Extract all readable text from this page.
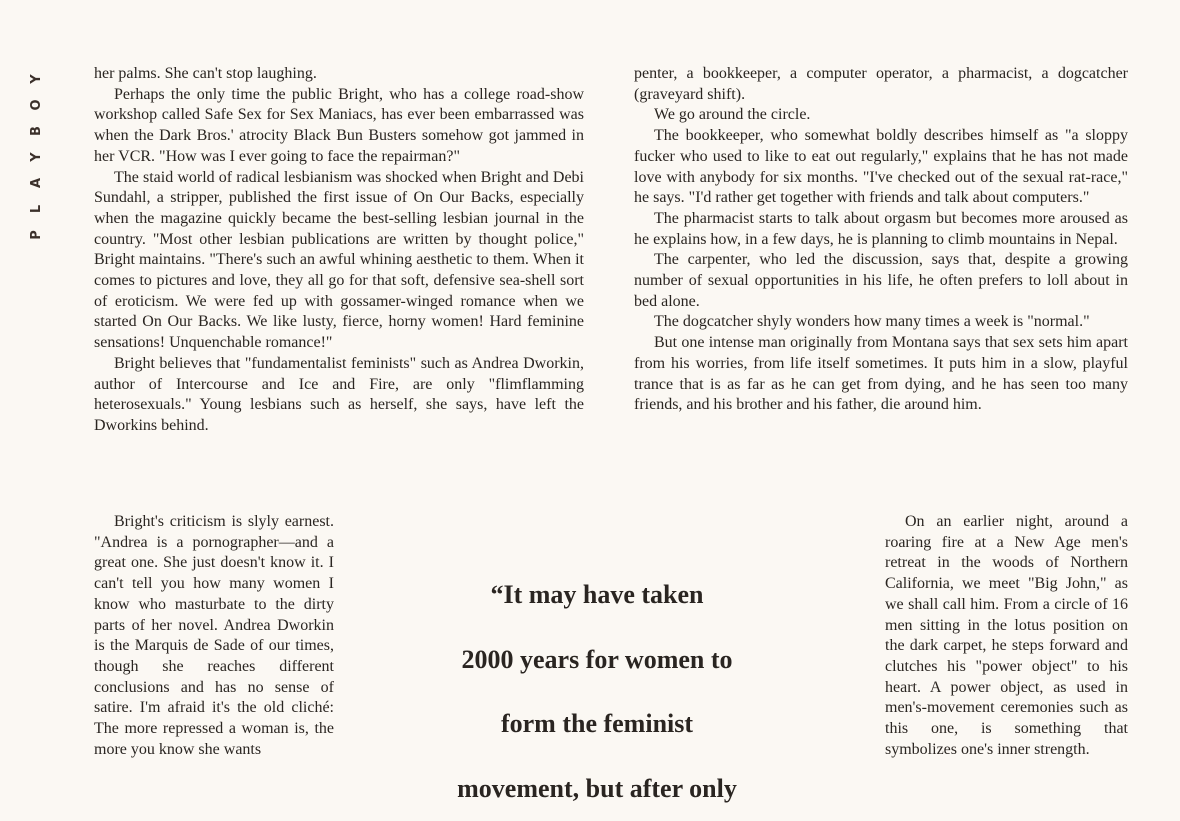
Y
O
B
Y
A
L
P

her palms. She can't stop laughing.

Perhaps the only time the public Bright, who has a college road-show workshop called Safe Sex for Sex Maniacs, has ever been embarrassed was when the Dark Bros.' atrocity Black Bun Busters somehow got jammed in her VCR. "How was I ever going to face the repairman?"

The staid world of radical lesbianism was shocked when Bright and Debi Sundahl, a stripper, published the first issue of On Our Backs, especially when the magazine quickly became the best-selling lesbian journal in the country. "Most other lesbian publications are written by thought police," Bright maintains. "There's such an awful whining aesthetic to them. When it comes to pictures and love, they all go for that soft, defensive sea-shell sort of eroticism. We were fed up with gossamer-winged romance when we started On Our Backs. We like lusty, fierce, horny women! Hard feminine sensations! Unquenchable romance!"

Bright believes that "fundamentalist feminists" such as Andrea Dworkin, author of Intercourse and Ice and Fire, are only "flimflamming heterosexuals." Young lesbians such as herself, she says, have left the Dworkins behind.

penter, a bookkeeper, a computer operator, a pharmacist, a dogcatcher (graveyard shift).

We go around the circle.

The bookkeeper, who somewhat boldly describes himself as "a sloppy fucker who used to like to eat out regularly," explains that he has not made love with anybody for six months. "I've checked out of the sexual rat-race," he says. "I'd rather get together with friends and talk about computers."

The pharmacist starts to talk about orgasm but becomes more aroused as he explains how, in a few days, he is planning to climb mountains in Nepal.

The carpenter, who led the discussion, says that, despite a growing number of sexual opportunities in his life, he often prefers to loll about in bed alone.

The dogcatcher shyly wonders how many times a week is "normal."

But one intense man originally from Montana says that sex sets him apart from his worries, from life itself sometimes. It puts him in a slow, playful trance that is as far as he can get from dying, and he has seen too many friends, and his brother and his father, die around him.

Bright's criticism is slyly earnest. "Andrea is a pornographer—and a great one. She just doesn't know it. I can't tell you how many women I know who masturbate to the dirty parts of her novel. Andrea Dworkin is the Marquis de Sade of our times, though she reaches different conclusions and has no sense of satire. I'm afraid it's the old cliché: The more repressed a woman is, the more you know she wants

On an earlier night, around a roaring fire at a New Age men's retreat in the woods of Northern California, we meet "Big John," as we shall call him. From a circle of 16 men sitting in the lotus position on the dark carpet, he steps forward and clutches his "power object" to his heart. A power object, as used in men's-movement ceremonies such as this one, is something that symbolizes one's inner strength.

“It may have taken
2000 years for women to
form the feminist
movement, but after only
